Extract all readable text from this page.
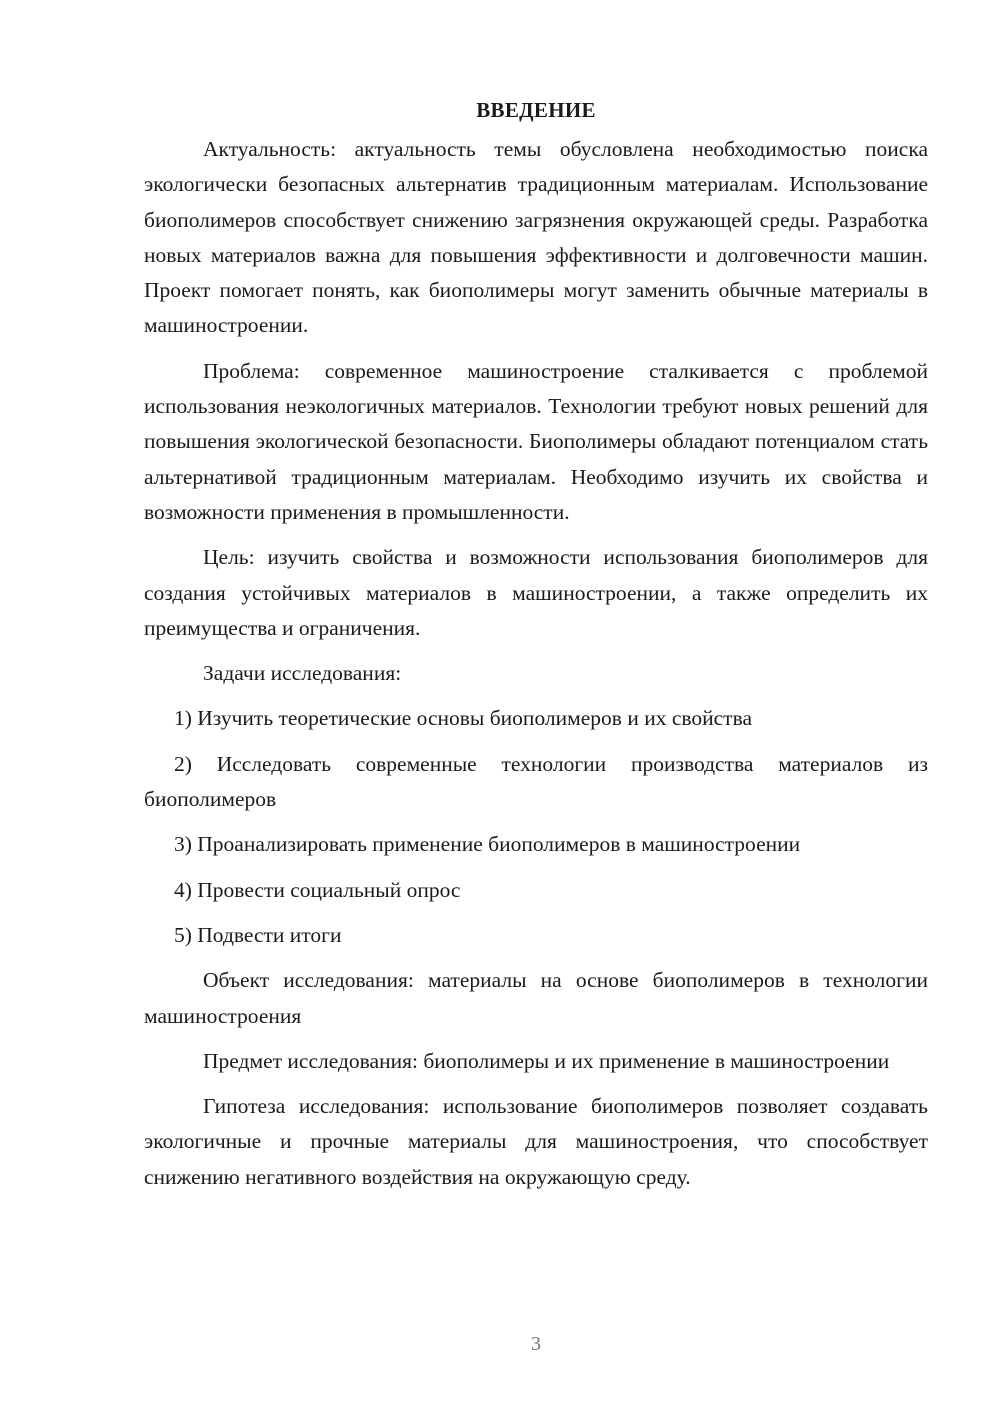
ВВЕДЕНИЕ

Актуальность: актуальность темы обусловлена необходимостью поиска экологически безопасных альтернатив традиционным материалам. Использование биополимеров способствует снижению загрязнения окружающей среды. Разработка новых материалов важна для повышения эффективности и долговечности машин. Проект помогает понять, как биополимеры могут заменить обычные материалы в машиностроении.

Проблема: современное машиностроение сталкивается с проблемой использования неэкологичных материалов. Технологии требуют новых решений для повышения экологической безопасности. Биополимеры обладают потенциалом стать альтернативой традиционным материалам. Необходимо изучить их свойства и возможности применения в промышленности.

Цель: изучить свойства и возможности использования биополимеров для создания устойчивых материалов в машиностроении, а также определить их преимущества и ограничения.

Задачи исследования:

1) Изучить теоретические основы биополимеров и их свойства

2) Исследовать современные технологии производства материалов из биополимеров

3) Проанализировать применение биополимеров в машиностроении

4) Провести социальный опрос

5) Подвести итоги

Объект исследования: материалы на основе биополимеров в технологии машиностроения

Предмет исследования: биополимеры и их применение в машиностроении

Гипотеза исследования: использование биополимеров позволяет создавать экологичные и прочные материалы для машиностроения, что способствует снижению негативного воздействия на окружающую среду.

3
